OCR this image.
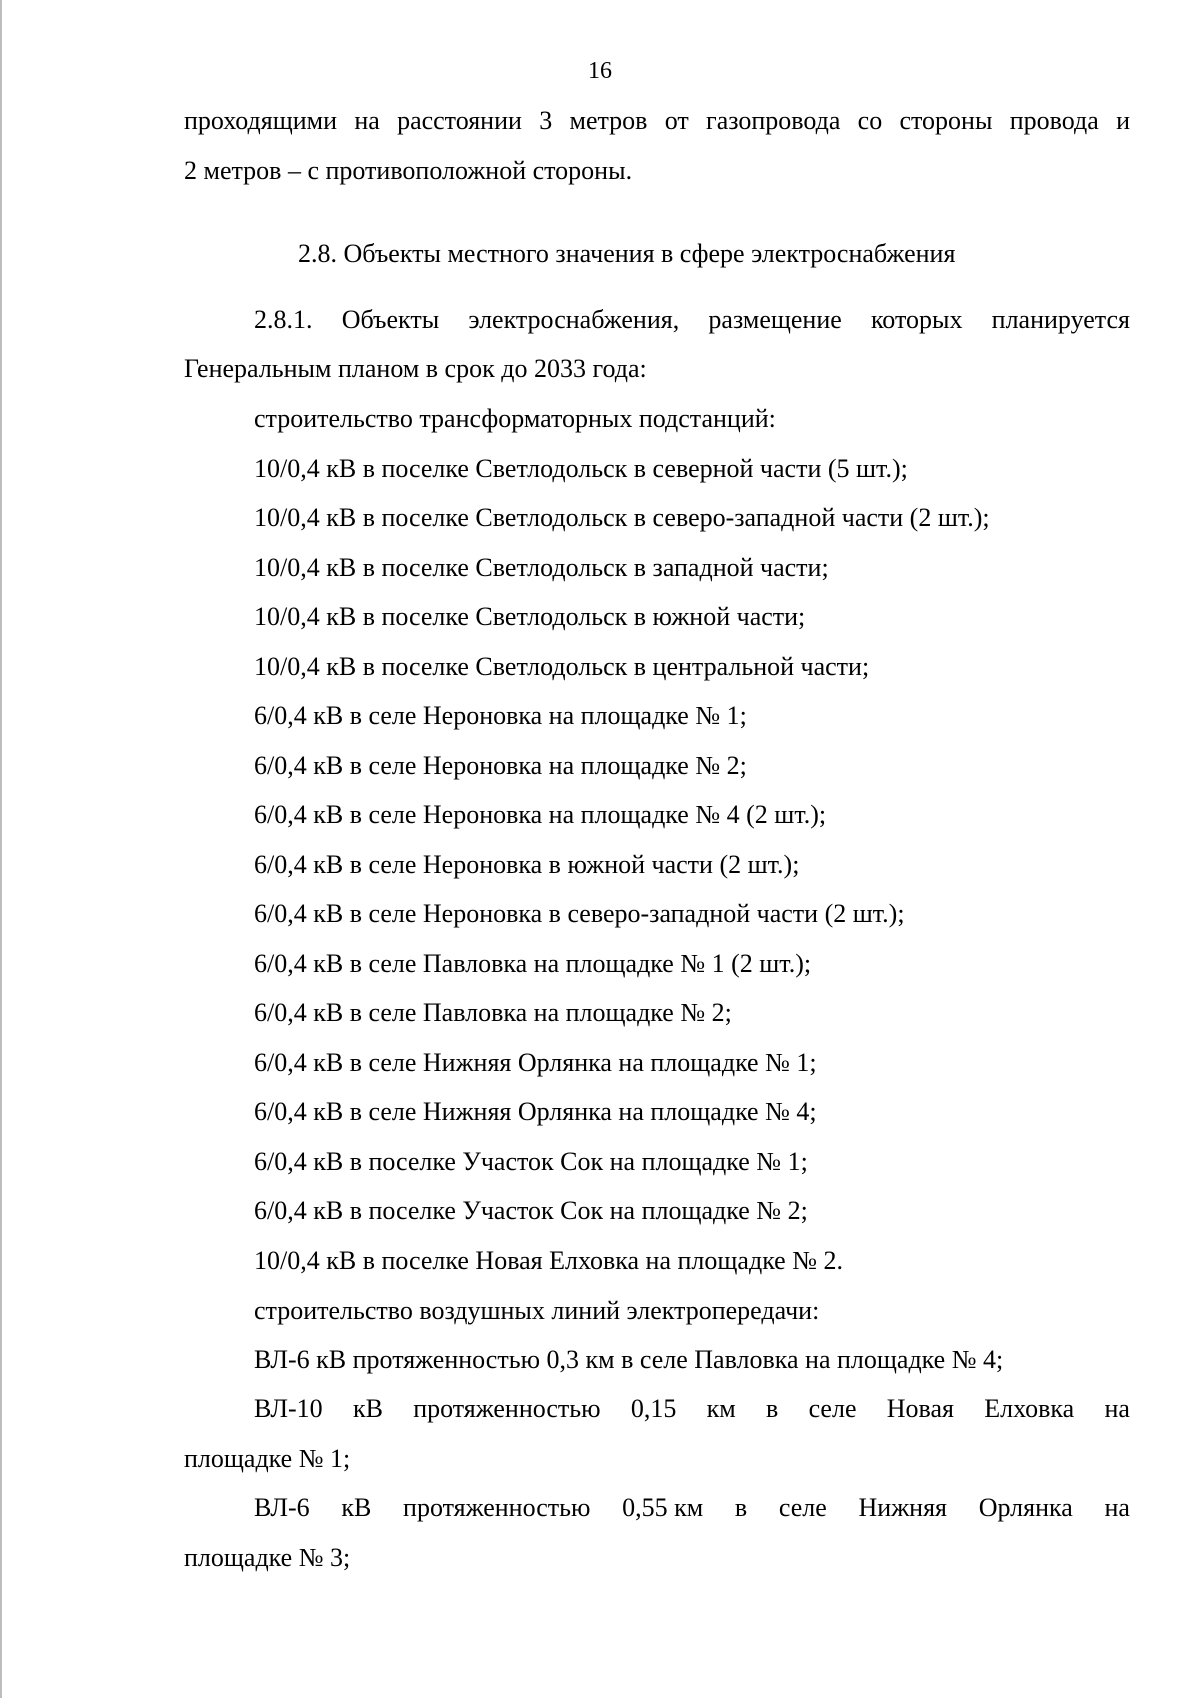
16
проходящими на расстоянии 3 метров от газопровода со стороны провода и
2 метров – с противоположной стороны.
2.8. Объекты местного значения в сфере электроснабжения
2.8.1. Объекты электроснабжения, размещение которых планируется
Генеральным планом в срок до 2033 года:
строительство трансформаторных подстанций:
10/0,4 кВ в поселке Светлодольск в северной части (5 шт.);
10/0,4 кВ в поселке Светлодольск в северо-западной части (2 шт.);
10/0,4 кВ в поселке Светлодольск в западной части;
10/0,4 кВ в поселке Светлодольск в южной части;
10/0,4 кВ в поселке Светлодольск в центральной части;
6/0,4 кВ в селе Нероновка на площадке № 1;
6/0,4 кВ в селе Нероновка на площадке № 2;
6/0,4 кВ в селе Нероновка на площадке № 4 (2 шт.);
6/0,4 кВ в селе Нероновка в южной части (2 шт.);
6/0,4 кВ в селе Нероновка в северо-западной части (2 шт.);
6/0,4 кВ в селе Павловка на площадке № 1 (2 шт.);
6/0,4 кВ в селе Павловка на площадке № 2;
6/0,4 кВ в селе Нижняя Орлянка на площадке № 1;
6/0,4 кВ в селе Нижняя Орлянка на площадке № 4;
6/0,4 кВ в поселке Участок Сок на площадке № 1;
6/0,4 кВ в поселке Участок Сок на площадке № 2;
10/0,4 кВ в поселке Новая Елховка на площадке № 2.
строительство воздушных линий электропередачи:
ВЛ-6 кВ протяженностью 0,3 км в селе Павловка на площадке № 4;
ВЛ-10 кВ протяженностью 0,15 км в селе Новая Елховка на
площадке № 1;
ВЛ-6 кВ протяженностью 0,55 км в селе Нижняя Орлянка на
площадке № 3;
